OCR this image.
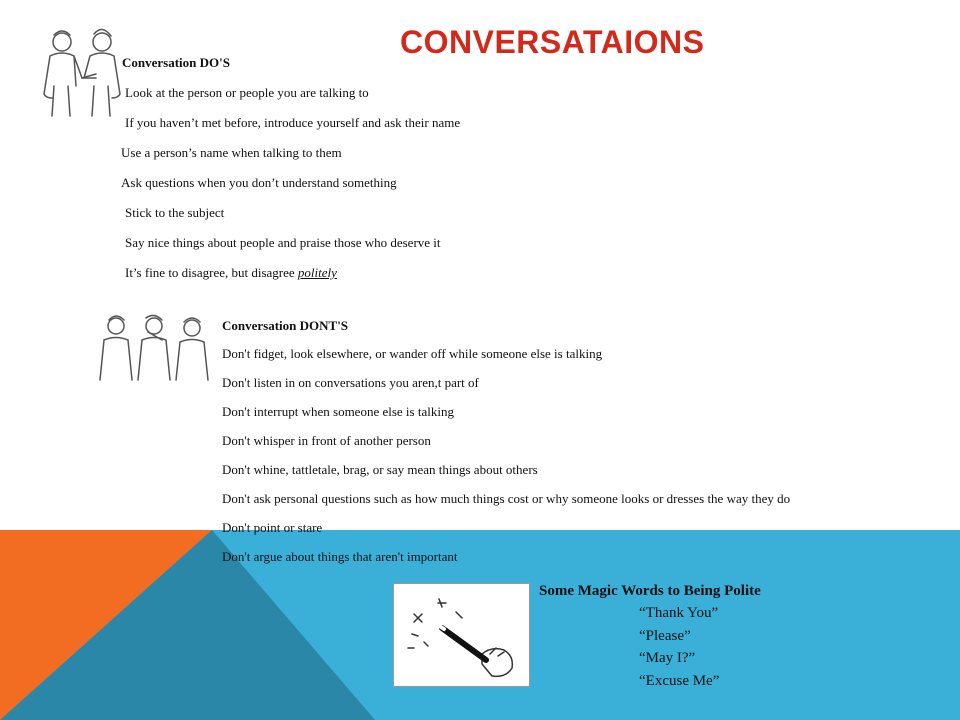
CONVERSATAIONS

Conversation DO'S

Look at the person or people you are talking to

If you haven’t met before, introduce yourself and ask their name

Use a person’s name when talking to them

Ask questions when you don’t understand something

Stick to the subject

Say nice things about people and praise those who deserve it

It’s fine to disagree, but disagree politely

Conversation DONT'S

Don't fidget, look elsewhere, or wander off while someone else is talking

Don't listen in on conversations you aren,t part of

Don't interrupt when someone else is talking

Don't whisper in front of another person

Don't whine, tattletale, brag, or say mean things about others

Don't ask personal questions such as how much things cost or why someone looks or dresses the way they do

Don't point or stare

Don't argue about things that aren't important

Some Magic Words to Being Polite

“Thank You”

“Please”

“May I?”

“Excuse Me”
